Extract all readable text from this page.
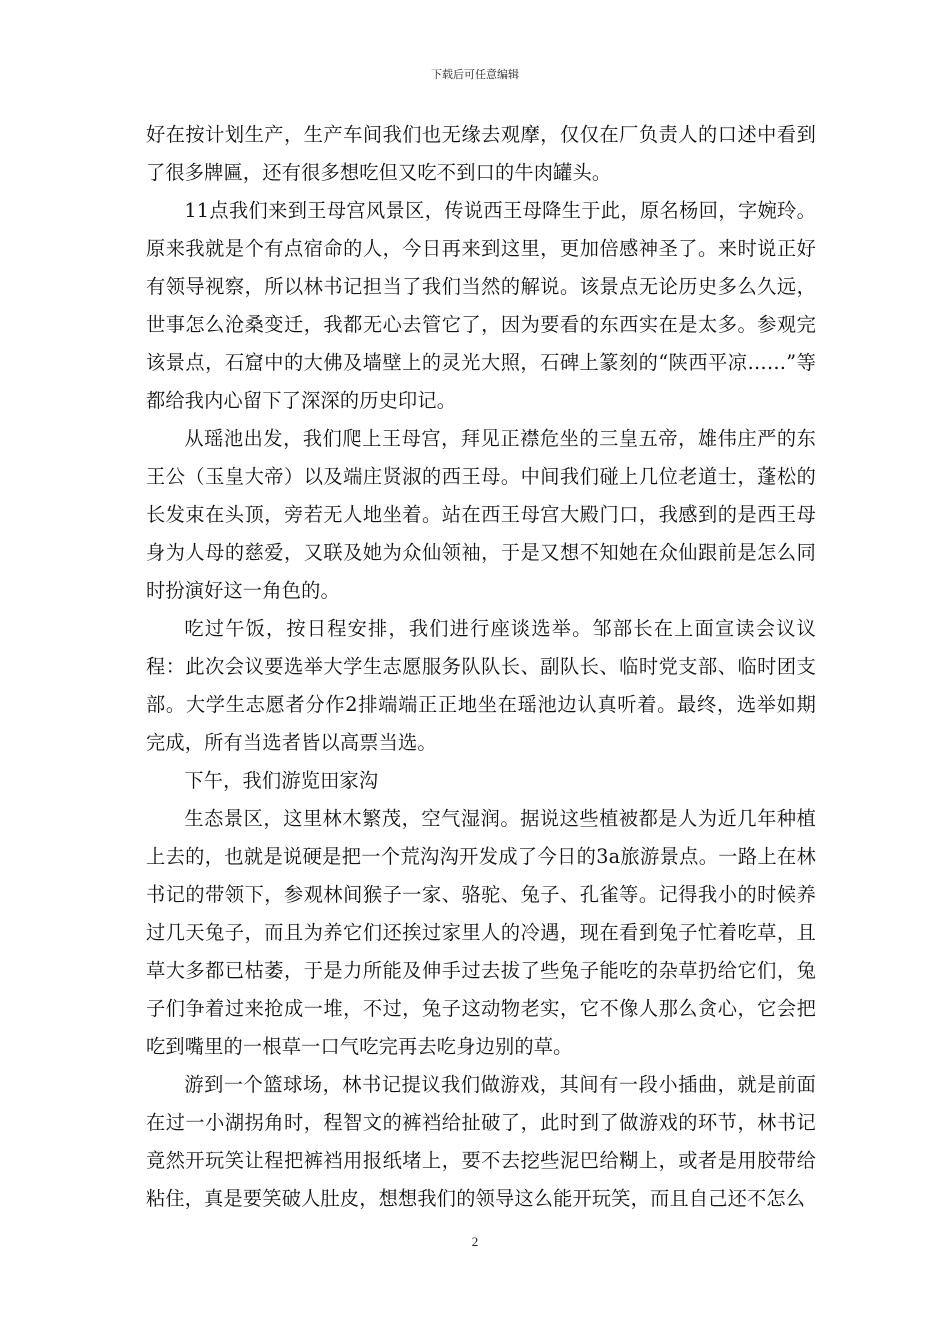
下载后可任意编辑

好在按计划生产，生产车间我们也无缘去观摩，仅仅在厂负责人的口述中看到了很多牌匾，还有很多想吃但又吃不到口的牛肉罐头。

11点我们来到王母宫风景区，传说西王母降生于此，原名杨回，字婉玲。原来我就是个有点宿命的人，今日再来到这里，更加倍感神圣了。来时说正好有领导视察，所以林书记担当了我们当然的解说。该景点无论历史多么久远，世事怎么沧桑变迁，我都无心去管它了，因为要看的东西实在是太多。参观完该景点，石窟中的大佛及墙壁上的灵光大照，石碑上篆刻的“陕西平凉……”等都给我内心留下了深深的历史印记。

从瑶池出发，我们爬上王母宫，拜见正襟危坐的三皇五帝，雄伟庄严的东王公（玉皇大帝）以及端庄贤淑的西王母。中间我们碰上几位老道士，蓬松的长发束在头顶，旁若无人地坐着。站在西王母宫大殿门口，我感到的是西王母身为人母的慈爱，又联及她为众仙领袖，于是又想不知她在众仙跟前是怎么同时扮演好这一角色的。

吃过午饭，按日程安排，我们进行座谈选举。邹部长在上面宣读会议议程：此次会议要选举大学生志愿服务队队长、副队长、临时党支部、临时团支部。大学生志愿者分作2排端端正正地坐在瑶池边认真听着。最终，选举如期完成，所有当选者皆以高票当选。

下午，我们游览田家沟

生态景区，这里林木繁茂，空气湿润。据说这些植被都是人为近几年种植上去的，也就是说硬是把一个荒沟沟开发成了今日的3a旅游景点。一路上在林书记的带领下，参观林间猴子一家、骆驼、兔子、孔雀等。记得我小的时候养过几天兔子，而且为养它们还挨过家里人的冷遇，现在看到兔子忙着吃草，且草大多都已枯萎，于是力所能及伸手过去拔了些兔子能吃的杂草扔给它们，兔子们争着过来抢成一堆，不过，兔子这动物老实，它不像人那么贪心，它会把吃到嘴里的一根草一口气吃完再去吃身边别的草。

游到一个篮球场，林书记提议我们做游戏，其间有一段小插曲，就是前面在过一小湖拐角时，程智文的裤裆给扯破了，此时到了做游戏的环节，林书记竟然开玩笑让程把裤裆用报纸堵上，要不去挖些泥巴给糊上，或者是用胶带给粘住，真是要笑破人肚皮，想想我们的领导这么能开玩笑，而且自己还不怎么

2
